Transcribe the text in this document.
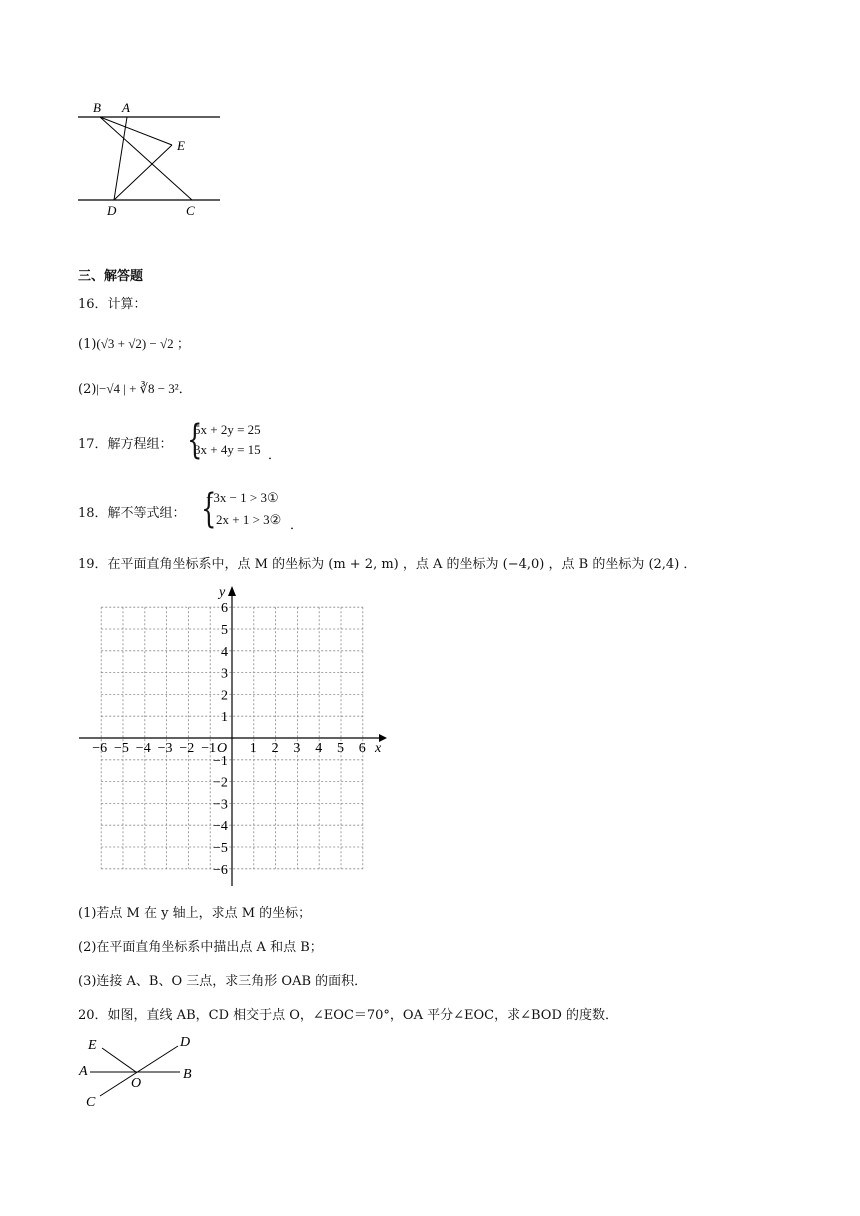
B A
E
D	C
三、解答题
16．计算：
(1)(√3 + √2) − √2 ；
(2)|−√4 | + ∛8 − 3²．
17．解方程组： {
5x + 2y = 25
3x + 4y = 15 ．
18．解不等式组： {
−3x − 1 > 3①
2x + 1 > 3② ．
19．在平面直角坐标系中，点 M 的坐标为 (m + 2, m) ，点 A 的坐标为 (−4,0) ，点 B 的坐标为 (2,4) ．
x
y
O
−6 −5 −4 −3 −2 −1 1 2 3 4 5 6
6
5
4
3
2
1
−1
−2
−3
−4
−5
−6
(1)若点 M 在 y 轴上，求点 M 的坐标；
(2)在平面直角坐标系中描出点 A 和点 B；
(3)连接 A、B、O 三点，求三角形 OAB 的面积．
20．如图，直线 AB，CD 相交于点 O，∠EOC＝70°，OA 平分∠EOC，求∠BOD 的度数．
E	D
A
O
B
C
